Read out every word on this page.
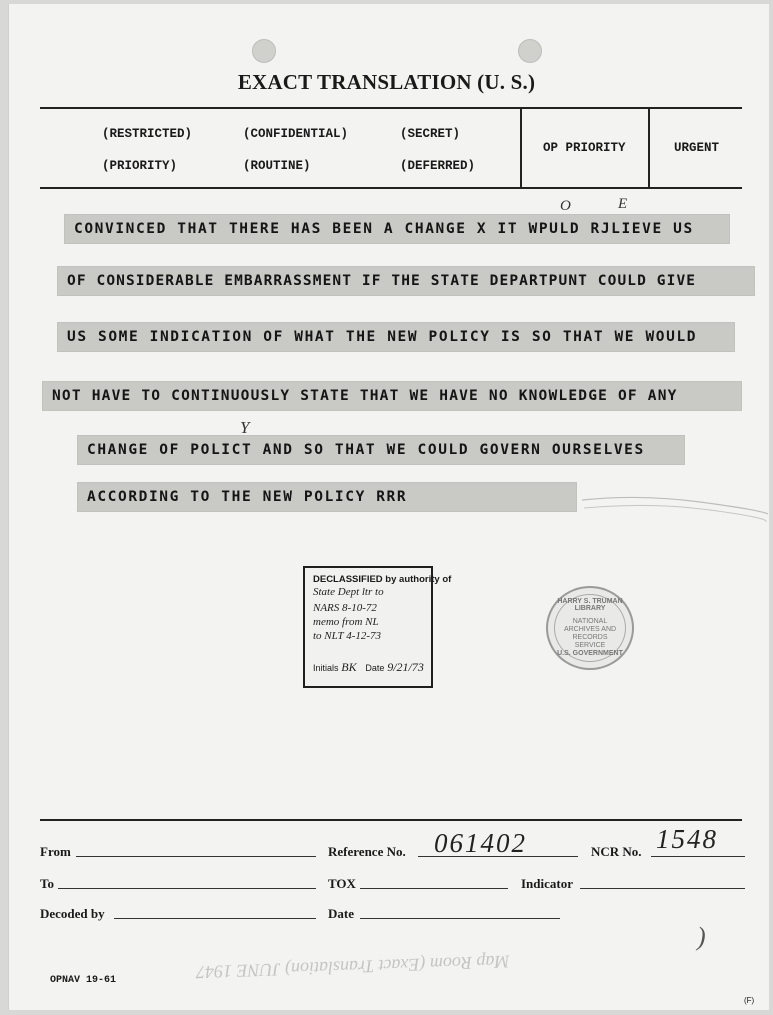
EXACT TRANSLATION (U. S.)
(RESTRICTED)	(CONFIDENTIAL)	(SECRET)
(PRIORITY)	(ROUTINE)	(DEFERRED)
OP PRIORITY	URGENT
CONVINCED THAT THERE HAS BEEN A CHANGE X IT WPULD RJLIEVE US
OF CONSIDERABLE EMBARRASSMENT IF THE STATE DEPARTPUNT COULD GIVE
US SOME INDICATION OF WHAT THE NEW POLICY IS SO THAT WE WOULD
NOT HAVE TO CONTINUOUSLY STATE THAT WE HAVE NO KNOWLEDGE OF ANY
CHANGE OF POLICT AND SO THAT WE COULD GOVERN OURSELVES
ACCORDING TO THE NEW POLICY RRR
O	E
Y
DECLASSIFIED by authority of
State Dept ltr to
NARS 8-10-72
memo from NL
to NLT 4-12-73
Initials BK Date 9/21/73
HARRY S. TRUMAN LIBRARY
NATIONAL ARCHIVES AND RECORDS SERVICE
U.S. GOVERNMENT
From	Reference No. 061402	NCR No. 1548
To	TOX	Indicator
Decoded by	Date
)
OPNAV 19-61	Map Room (Exact Translation) JUNE 1947
(F)
